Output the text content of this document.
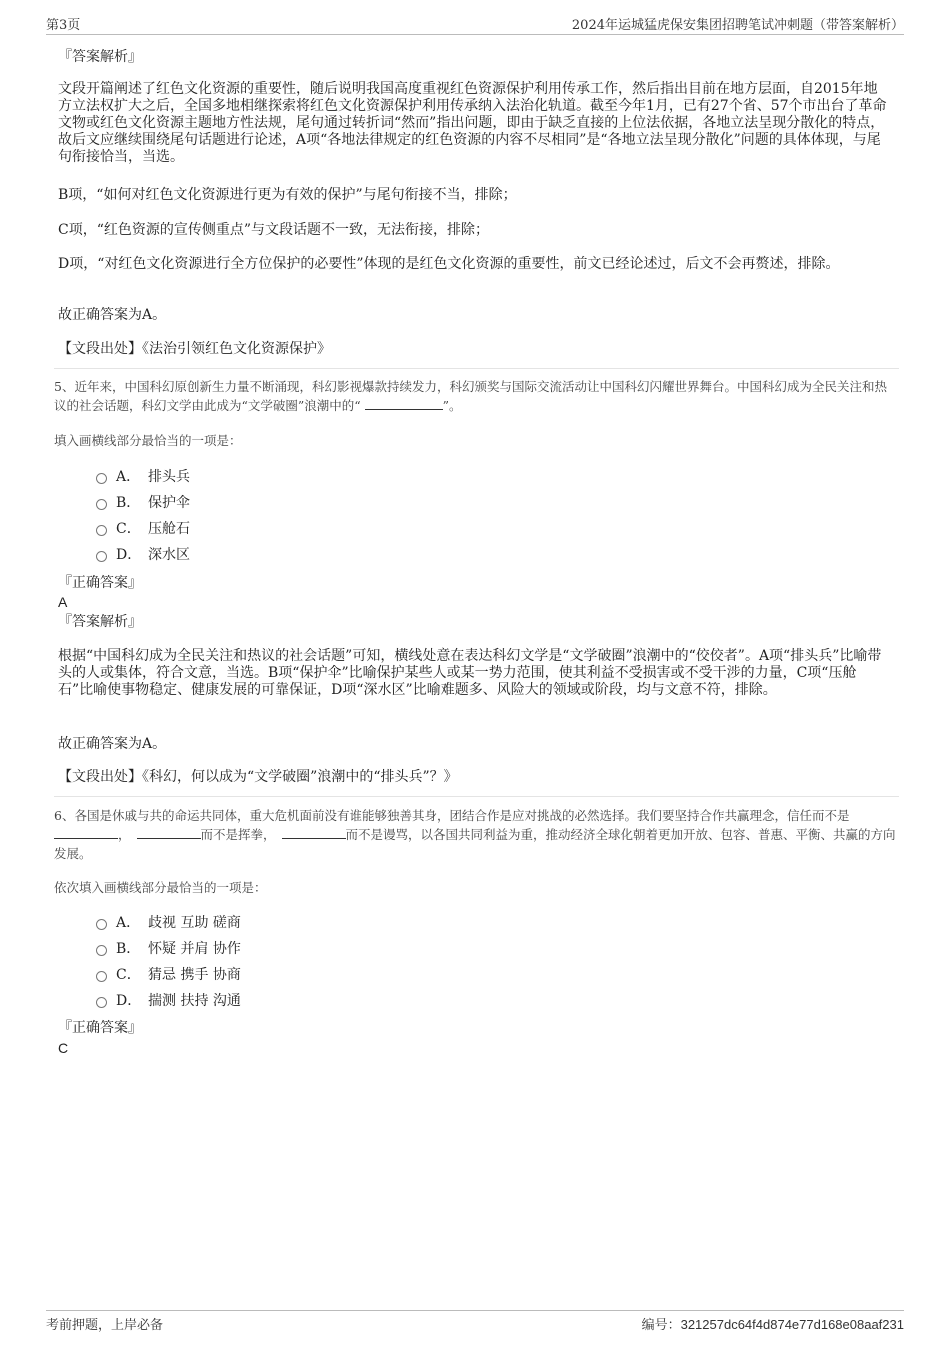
第3页	2024年运城猛虎保安集团招聘笔试冲刺题（带答案解析）
『答案解析』
文段开篇阐述了红色文化资源的重要性，随后说明我国高度重视红色资源保护利用传承工作，然后指出目前在地方层面，自2015年地方立法权扩大之后，全国多地相继探索将红色文化资源保护利用传承纳入法治化轨道。截至今年1月，已有27个省、57个市出台了革命文物或红色文化资源主题地方性法规，尾句通过转折词“然而”指出问题，即由于缺乏直接的上位法依据，各地立法呈现分散化的特点，故后文应继续围绕尾句话题进行论述，A项“各地法律规定的红色资源的内容不尽相同”是“各地立法呈现分散化”问题的具体体现，与尾句衔接恰当，当选。
B项，“如何对红色文化资源进行更为有效的保护”与尾句衔接不当，排除；
C项，“红色资源的宣传侧重点”与文段话题不一致，无法衔接，排除；
D项，“对红色文化资源进行全方位保护的必要性”体现的是红色文化资源的重要性，前文已经论述过，后文不会再赘述，排除。
故正确答案为A。
【文段出处】《法治引领红色文化资源保护》
5、近年来，中国科幻原创新生力量不断涌现，科幻影视爆款持续发力，科幻颁奖与国际交流活动让中国科幻闪耀世界舞台。中国科幻成为全民关注和热议的社会话题，科幻文学由此成为“文学破圈”浪潮中的“	”。
填入画横线部分最恰当的一项是：
A． 排头兵
B． 保护伞
C． 压舱石
D． 深水区
『正确答案』
A
『答案解析』
根据“中国科幻成为全民关注和热议的社会话题”可知，横线处意在表达科幻文学是“文学破圈”浪潮中的“佼佼者”。A项“排头兵”比喻带头的人或集体，符合文意，当选。B项“保护伞”比喻保护某些人或某一势力范围，使其利益不受损害或不受干涉的力量，C项“压舱石”比喻使事物稳定、健康发展的可靠保证，D项“深水区”比喻难题多、风险大的领域或阶段，均与文意不符，排除。
故正确答案为A。
【文段出处】《科幻，何以成为“文学破圈”浪潮中的“排头兵”？》
6、各国是休戚与共的命运共同体，重大危机面前没有谁能够独善其身，团结合作是应对挑战的必然选择。我们要坚持合作共赢理念，信任而不是，	而不是挥拳，	而不是谩骂，以各国共同利益为重，推动经济全球化朝着更加开放、包容、普惠、平衡、共赢的方向发展。
依次填入画横线部分最恰当的一项是：
A． 歧视 互助 磋商
B． 怀疑 并肩 协作
C． 猜忌 携手 协商
D． 揣测 扶持 沟通
『正确答案』
C
考前押题，上岸必备	编号：321257dc64f4d874e77d168e08aaf231
